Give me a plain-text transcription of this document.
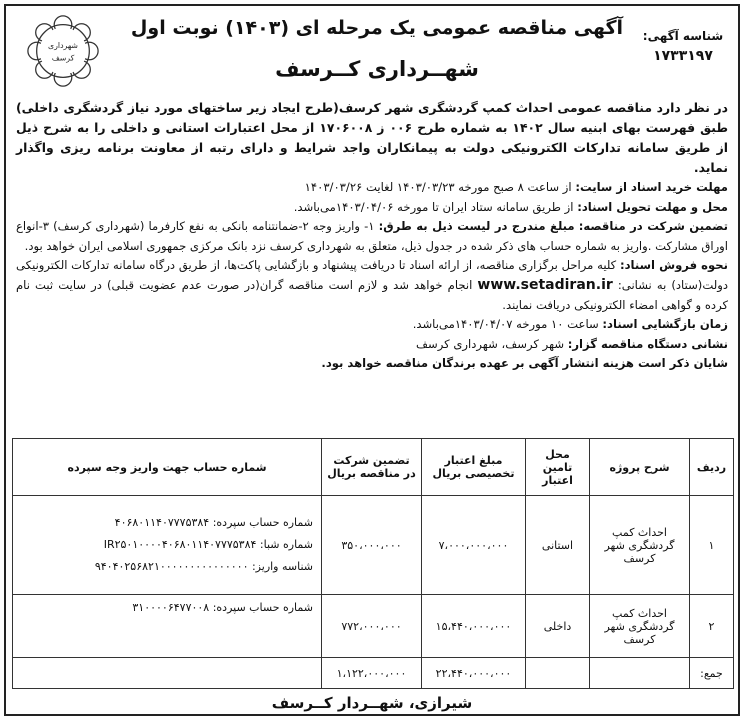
شناسه آگهی:
۱۷۳۳۱۹۷
آگهی مناقصه عمومی یک مرحله ای (۱۴۰۳) نوبت اول
شهــرداری کــرسف
شهرداری
کرسف

در نظر دارد مناقصه عمومی احداث کمپ گردشگری شهر کرسف(طرح ایجاد زیر ساختهای مورد نیاز گردشگری داخلی) طبق فهرست بهای ابنیه سال ۱۴۰۲ به شماره طرح ۰۰۶ ز ۱۷۰۶۰۰۸ از محل اعتبارات استانی و داخلی را به شرح ذیل از طریق سامانه تدارکات الکترونیکی دولت به پیمانکاران واجد شرایط و دارای رتبه از معاونت برنامه ریزی واگذار نماید.

مهلت خرید اسناد از سایت: از ساعت ۸ صبح مورخه ۱۴۰۳/۰۳/۲۳ لغایت ۱۴۰۳/۰۳/۲۶

محل و مهلت تحویل اسناد: از طریق سامانه ستاد ایران تا مورخه ۱۴۰۳/۰۴/۰۶می‌باشد.

تضمین شرکت در مناقصه: مبلغ مندرج در لیست ذیل به طرق: ۱- واریز وجه ۲-ضمانتنامه بانکی به نفع کارفرما (شهرداری کرسف) ۳-انواع اوراق مشارکت .واریز به شماره حساب های ذکر شده در جدول ذیل، متعلق به شهرداری کرسف نزد بانک مرکزی جمهوری اسلامی ایران خواهد بود.

نحوه فروش اسناد: کلیه مراحل برگزاری مناقصه، از ارائه اسناد تا دریافت پیشنهاد و بازگشایی پاکت‌ها، از طریق درگاه سامانه تدارکات الکترونیکی دولت(ستاد) به نشانی: www.setadiran.ir انجام خواهد شد و لازم است مناقصه گران(در صورت عدم عضویت قبلی) در سایت ثبت نام کرده و گواهی امضاء الکترونیکی دریافت نمایند.

زمان بازگشایی اسناد: ساعت ۱۰ مورخه ۱۴۰۳/۰۴/۰۷می‌باشد.

نشانی دستگاه مناقصه گزار: شهر کرسف، شهرداری کرسف

شایان ذکر است هزینه انتشار آگهی بر عهده برندگان مناقصه خواهد بود.

ردیف	شرح پروژه	محل تامین اعتبار	مبلغ اعتبار تخصیصی بریال	تضمین شرکت در مناقصه بریال	شماره حساب جهت واریز وجه سپرده
۱	احداث کمپ گردشگری شهر کرسف	استانی	۷،۰۰۰،۰۰۰،۰۰۰	۳۵۰،۰۰۰،۰۰۰	شماره حساب سپرده: ۴۰۶۸۰۱۱۴۰۷۷۷۵۳۸۴
شماره شبا: IR۲۵۰۱۰۰۰۰۴۰۶۸۰۱۱۴۰۷۷۷۵۳۸۴
شناسه واریز: ۹۴۰۴۰۲۵۶۸۲۱۰۰۰۰۰۰۰۰۰۰۰۰۰۰۰

۲	احداث کمپ گردشگری شهر کرسف	داخلی	۱۵،۴۴۰،۰۰۰،۰۰۰	۷۷۲،۰۰۰،۰۰۰	شماره حساب سپرده: ۳۱۰۰۰۰۶۴۷۷۰۰۸

جمع:			۲۲،۴۴۰،۰۰۰،۰۰۰	۱،۱۲۲،۰۰۰،۰۰۰	
شیرازی، شهــردار کــرسف
